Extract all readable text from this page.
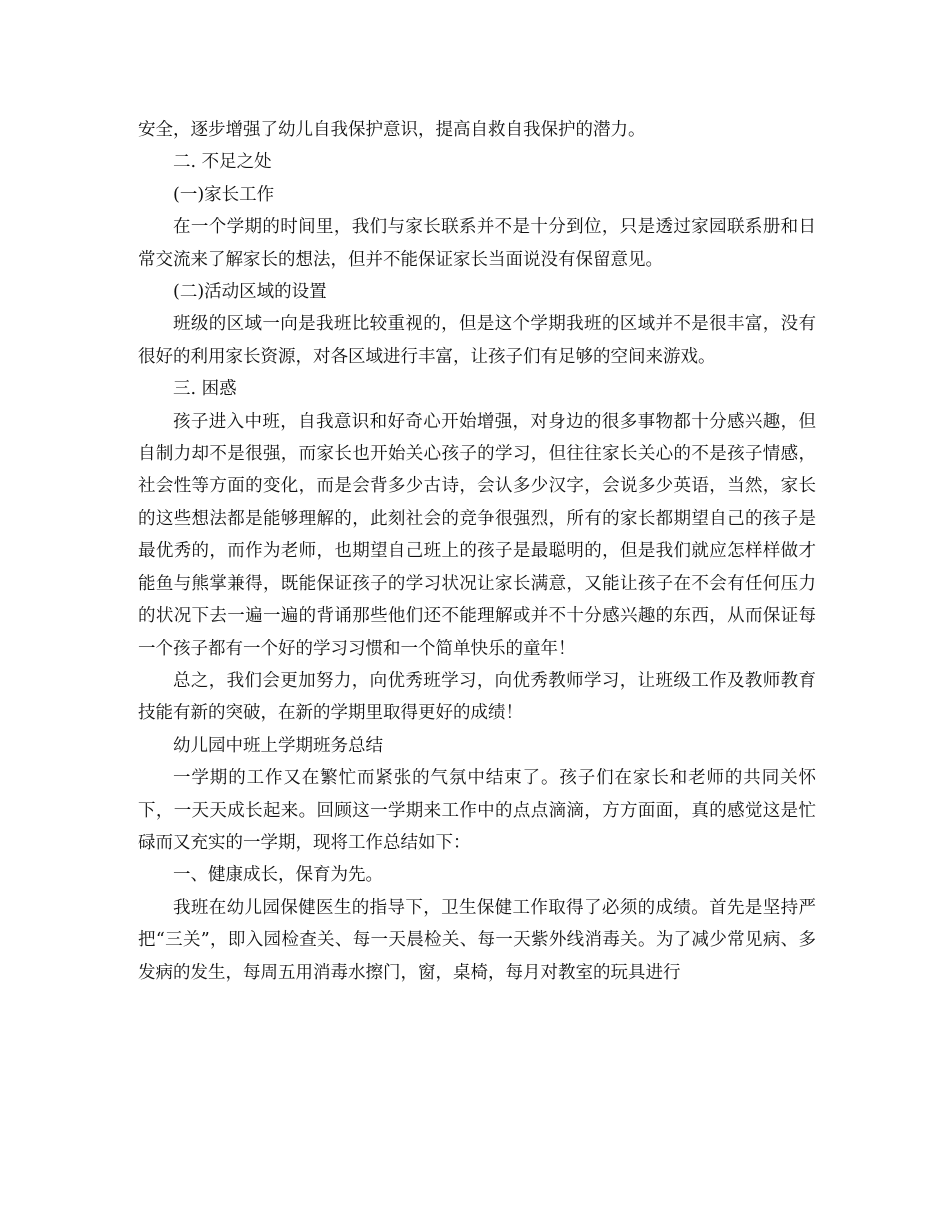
安全，逐步增强了幼儿自我保护意识，提高自救自我保护的潜力。

二. 不足之处

(一)家长工作

在一个学期的时间里，我们与家长联系并不是十分到位，只是透过家园联系册和日常交流来了解家长的想法，但并不能保证家长当面说没有保留意见。

(二)活动区域的设置

班级的区域一向是我班比较重视的，但是这个学期我班的区域并不是很丰富，没有很好的利用家长资源，对各区域进行丰富，让孩子们有足够的空间来游戏。

三. 困惑

孩子进入中班，自我意识和好奇心开始增强，对身边的很多事物都十分感兴趣，但自制力却不是很强，而家长也开始关心孩子的学习，但往往家长关心的不是孩子情感，社会性等方面的变化，而是会背多少古诗，会认多少汉字，会说多少英语，当然，家长的这些想法都是能够理解的，此刻社会的竞争很强烈，所有的家长都期望自己的孩子是最优秀的，而作为老师，也期望自己班上的孩子是最聪明的，但是我们就应怎样样做才能鱼与熊掌兼得，既能保证孩子的学习状况让家长满意，又能让孩子在不会有任何压力的状况下去一遍一遍的背诵那些他们还不能理解或并不十分感兴趣的东西，从而保证每一个孩子都有一个好的学习习惯和一个简单快乐的童年！

总之，我们会更加努力，向优秀班学习，向优秀教师学习，让班级工作及教师教育技能有新的突破，在新的学期里取得更好的成绩！

幼儿园中班上学期班务总结

一学期的工作又在繁忙而紧张的气氛中结束了。孩子们在家长和老师的共同关怀下，一天天成长起来。回顾这一学期来工作中的点点滴滴，方方面面，真的感觉这是忙碌而又充实的一学期，现将工作总结如下：

一、健康成长，保育为先。

我班在幼儿园保健医生的指导下，卫生保健工作取得了必须的成绩。首先是坚持严把“三关”，即入园检查关、每一天晨检关、每一天紫外线消毒关。为了减少常见病、多发病的发生，每周五用消毒水擦门，窗，桌椅，每月对教室的玩具进行
